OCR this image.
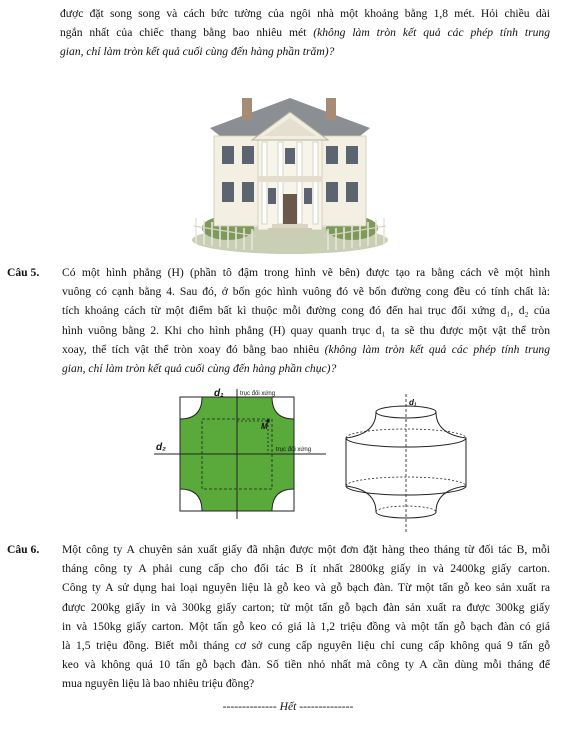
được đặt song song và cách bức tường của ngôi nhà một khoảng bằng 1,8 mét. Hỏi chiều dài
ngắn nhất của chiếc thang bằng bao nhiêu mét (không làm tròn kết quả các phép tính trung
gian, chỉ làm tròn kết quả cuối cùng đến hàng phần trăm)?
Câu 5. Có một hình phẳng (H) (phần tô đậm trong hình vẽ bên) được tạo ra bằng cách vẽ một hình
vuông có cạnh bằng 4. Sau đó, ở bốn góc hình vuông đó vẽ bốn đường cong đều có tính chất là:
tích khoảng cách từ một điểm bất kì thuộc mỗi đường cong đó đến hai trục đối xứng d₁, d₂ của
hình vuông bằng 2. Khi cho hình phẳng (H) quay quanh trục d₁ ta sẽ thu được một vật thể tròn
xoay, thể tích vật thể tròn xoay đó bằng bao nhiêu (không làm tròn kết quả các phép tính trung
gian, chỉ làm tròn kết quả cuối cùng đến hàng phần chục)?
M
d₁	trục đối xứng
d₂	trục đối xứng
d₁
Câu 6. Một công ty A chuyên sản xuất giấy đã nhận được một đơn đặt hàng theo tháng từ đối tác B, mỗi
tháng công ty A phải cung cấp cho đối tác B ít nhất 2800kg giấy in và 2400kg giấy carton.
Công ty A sử dụng hai loại nguyên liệu là gỗ keo và gỗ bạch đàn. Từ một tấn gỗ keo sản xuất ra
được 200kg giấy in và 300kg giấy carton; từ một tấn gỗ bạch đàn sản xuất ra được 300kg giấy
in và 150kg giấy carton. Một tấn gỗ keo có giá là 1,2 triệu đồng và một tấn gỗ bạch đàn có giá
là 1,5 triệu đồng. Biết mỗi tháng cơ sở cung cấp nguyên liệu chỉ cung cấp không quá 9 tấn gỗ
keo và không quá 10 tấn gỗ bạch đàn. Số tiền nhỏ nhất mà công ty A cần dùng mỗi tháng để
mua nguyên liệu là bao nhiêu triệu đồng?
-------------- Hết --------------
